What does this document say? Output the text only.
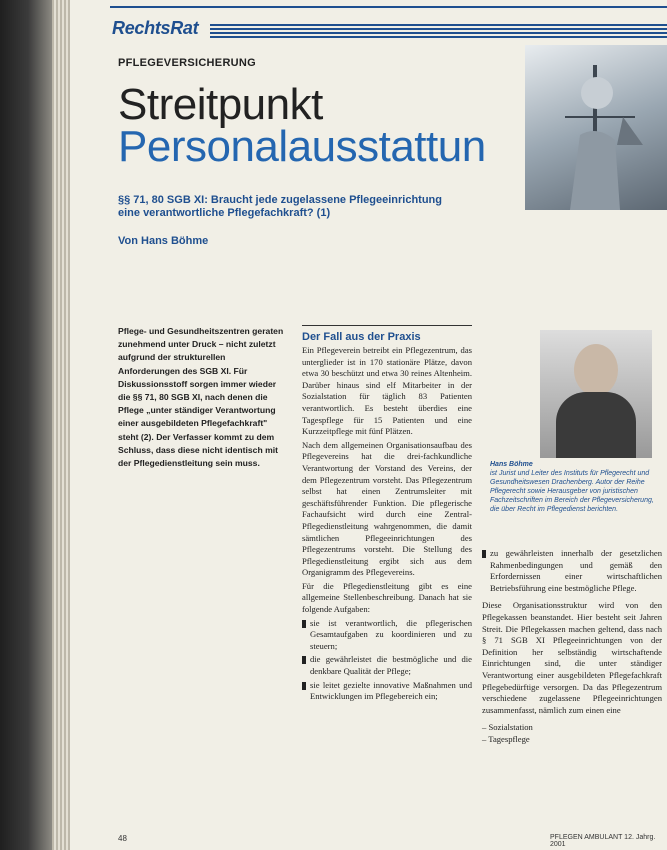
RechtsRat
PFLEGEVERSICHERUNG
Streitpunkt
Personalausstattun
§§ 71, 80 SGB XI: Braucht jede zugelassene Pflegeeinrichtung eine verantwortliche Pflegefachkraft? (1)
Von Hans Böhme
Pflege- und Gesundheitszentren geraten zunehmend unter Druck – nicht zuletzt aufgrund der strukturellen Anforderungen des SGB XI. Für Diskussionsstoff sorgen immer wieder die §§ 71, 80 SGB XI, nach denen die Pflege „unter ständiger Verantwortung einer ausgebildeten Pflegefachkraft" steht (2). Der Verfasser kommt zu dem Schluss, dass diese nicht identisch mit der Pflegedienstleitung sein muss.
Der Fall aus der Praxis

Ein Pflegeverein betreibt ein Pflegezentrum, das unterglieder ist in 170 stationäre Plätze, davon etwa 30 beschützt und etwa 30 reines Altenheim. Darüber hinaus sind elf Mitarbeiter in der Sozialstation für täglich 83 Patienten verantwortlich. Es besteht überdies eine Tagespflege für 15 Patienten und eine Kurzzeitpflege mit fünf Plätzen.

Nach dem allgemeinen Organisationsaufbau des Pflegevereins hat die drei-fachkundliche Verantwortung der Vorstand des Vereins, der dem Pflegezentrum vorsteht. Das Pflegezentrum selbst hat einen Zentrumsleiter mit geschäftsführender Funktion. Die pflegerische Fachaufsicht wird durch eine Zentral-Pflegedienstleitung wahrgenommen, die damit sämtlichen Pflegeeinrichtungen des Pflegezentrums vorsteht. Die Stellung des Pflegedienstleitung ergibt sich aus dem Organigramm des Pflegevereins.

Für die Pflegedienstleitung gibt es eine allgemeine Stellenbeschreibung. Danach hat sie folgende Aufgaben:

sie ist verantwortlich, die pflegerischen Gesamtaufgaben zu koordinieren und zu steuern;

die gewährleistet die bestmögliche und die denkbare Qualität der Pflege;

sie leitet gezielte innovative Maßnahmen und Entwicklungen im Pflegebereich ein;

Hans Böhme
ist Jurist und Leiter des Instituts für Pflegerecht und Gesundheitswesen Drachenberg. Autor der Reihe Pflegerecht sowie Herausgeber von juristischen Fachzeitschriften im Bereich der Pflegeversicherung, die über Recht im Pflegedienst berichten.

zu gewährleisten innerhalb der gesetzlichen Rahmenbedingungen und gemäß den Erfordernissen einer wirtschaftlichen Betriebsführung eine bestmögliche Pflege.

Diese Organisationsstruktur wird von den Pflegekassen beanstandet. Hier besteht seit Jahren Streit. Die Pflegekassen machen geltend, dass nach § 71 SGB XI Pflegeeinrichtungen von der Definition her selbständig wirtschaftende Einrichtungen sind, die unter ständiger Verantwortung einer ausgebildeten Pflegefachkraft Pflegebedürftige versorgen. Da das Pflegezentrum verschiedene zugelassene Pflegeeinrichtungen zusammenfasst, nämlich zum einen eine

– Sozialstation
– Tagespflege
48	PFLEGEN AMBULANT 12. Jahrg. 2001
